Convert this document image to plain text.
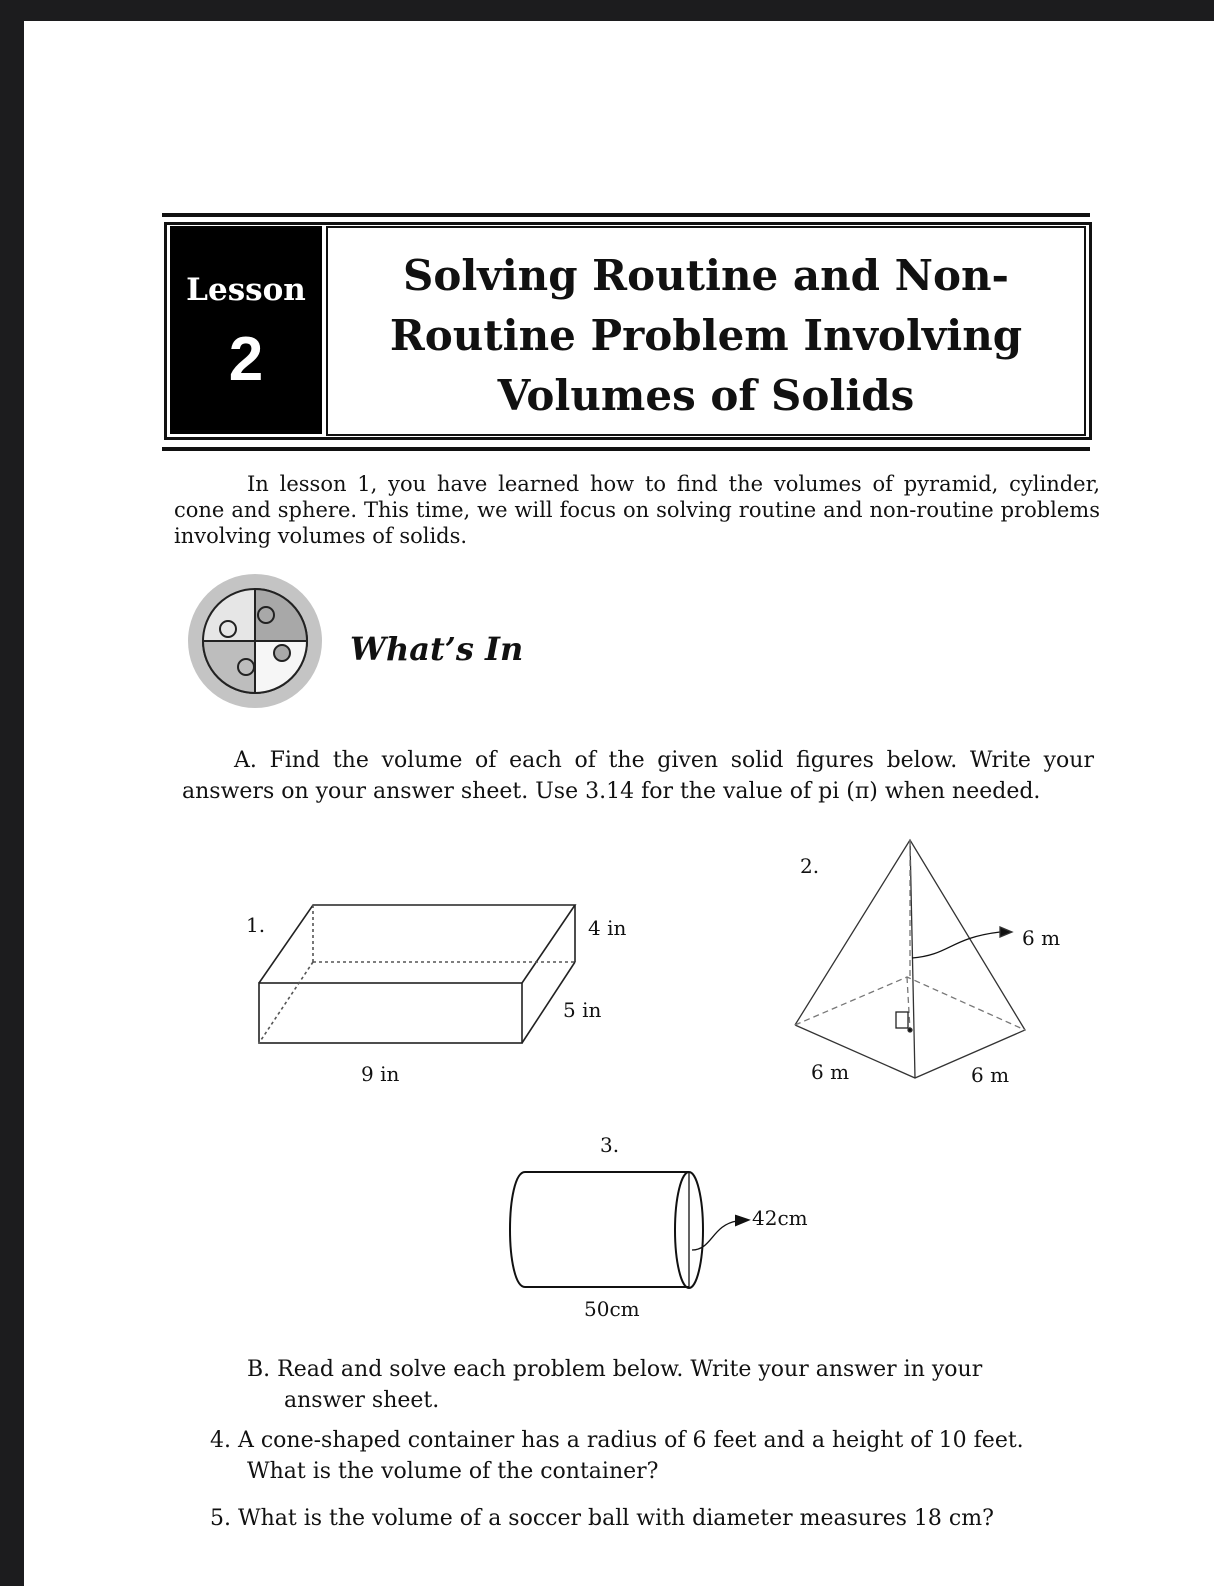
Lesson
2
Solving Routine and Non-
Routine Problem Involving
Volumes of Solids
In lesson 1, you have learned how to find the volumes of pyramid, cylinder, cone and sphere. This time, we will focus on solving routine and non-routine problems involving volumes of solids.
What’s In
A. Find the volume of each of the given solid figures below. Write your answers on your answer sheet. Use 3.14 for the value of pi (π) when needed.
1.	4 in
5 in
9 in
2.
6 m
6 m	6 m
3.
42cm
50cm
B. Read and solve each problem below. Write your answer in your
answer sheet.
4. A cone-shaped container has a radius of 6 feet and a height of 10 feet.
What is the volume of the container?
5. What is the volume of a soccer ball with diameter measures 18 cm?
